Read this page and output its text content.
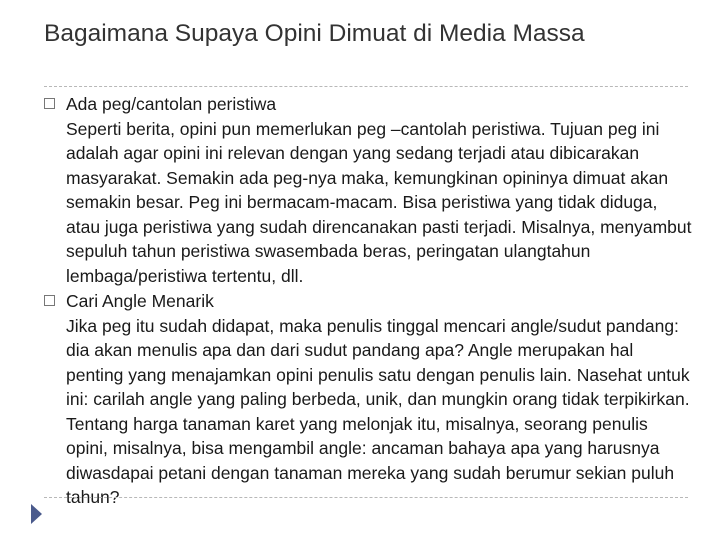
Bagaimana Supaya Opini Dimuat di Media Massa
Ada peg/cantolan peristiwa
Seperti berita, opini pun memerlukan peg –cantolah peristiwa. Tujuan peg ini adalah agar opini ini relevan dengan yang sedang terjadi atau dibicarakan masyarakat. Semakin ada peg-nya maka, kemungkinan opininya dimuat akan semakin besar. Peg ini bermacam-macam. Bisa peristiwa yang tidak diduga, atau juga peristiwa yang sudah direncanakan pasti terjadi. Misalnya, menyambut sepuluh tahun peristiwa swasembada beras, peringatan ulangtahun lembaga/peristiwa tertentu, dll.
Cari Angle Menarik
Jika peg itu sudah didapat, maka penulis tinggal mencari angle/sudut pandang: dia akan menulis apa dan dari sudut pandang apa? Angle merupakan hal penting yang menajamkan opini penulis satu dengan penulis lain. Nasehat untuk ini: carilah angle yang paling berbeda, unik, dan mungkin orang tidak terpikirkan. Tentang harga tanaman karet yang melonjak itu, misalnya, seorang penulis opini, misalnya, bisa mengambil angle: ancaman bahaya apa yang harusnya diwasdapai petani dengan tanaman mereka yang sudah berumur sekian puluh tahun?
